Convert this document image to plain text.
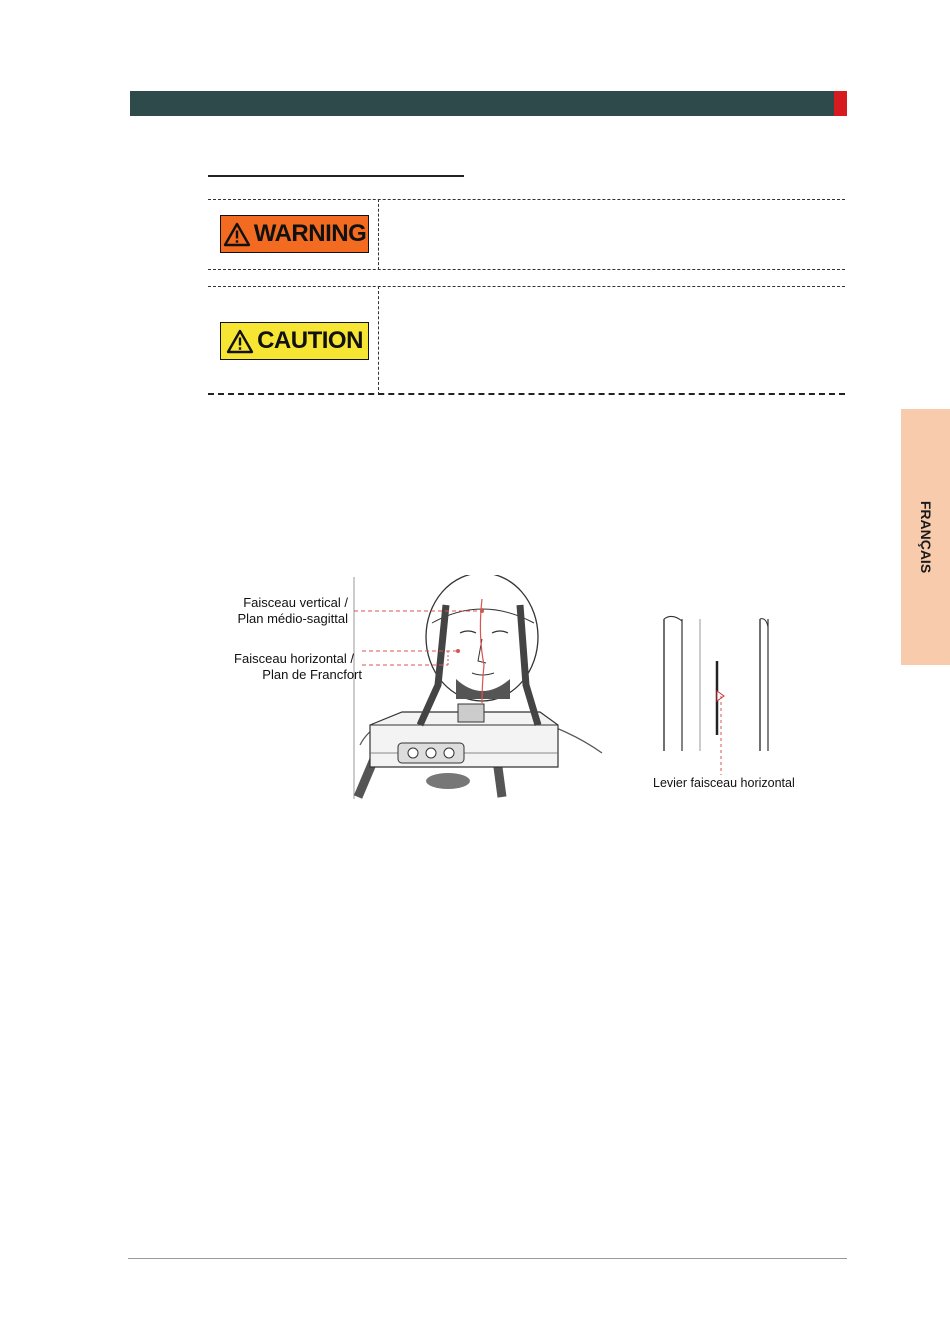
WARNING
CAUTION
FRANÇAIS
Faisceau vertical /
Plan médio-sagittal
Faisceau horizontal /
Plan de Francfort
Levier faisceau horizontal
